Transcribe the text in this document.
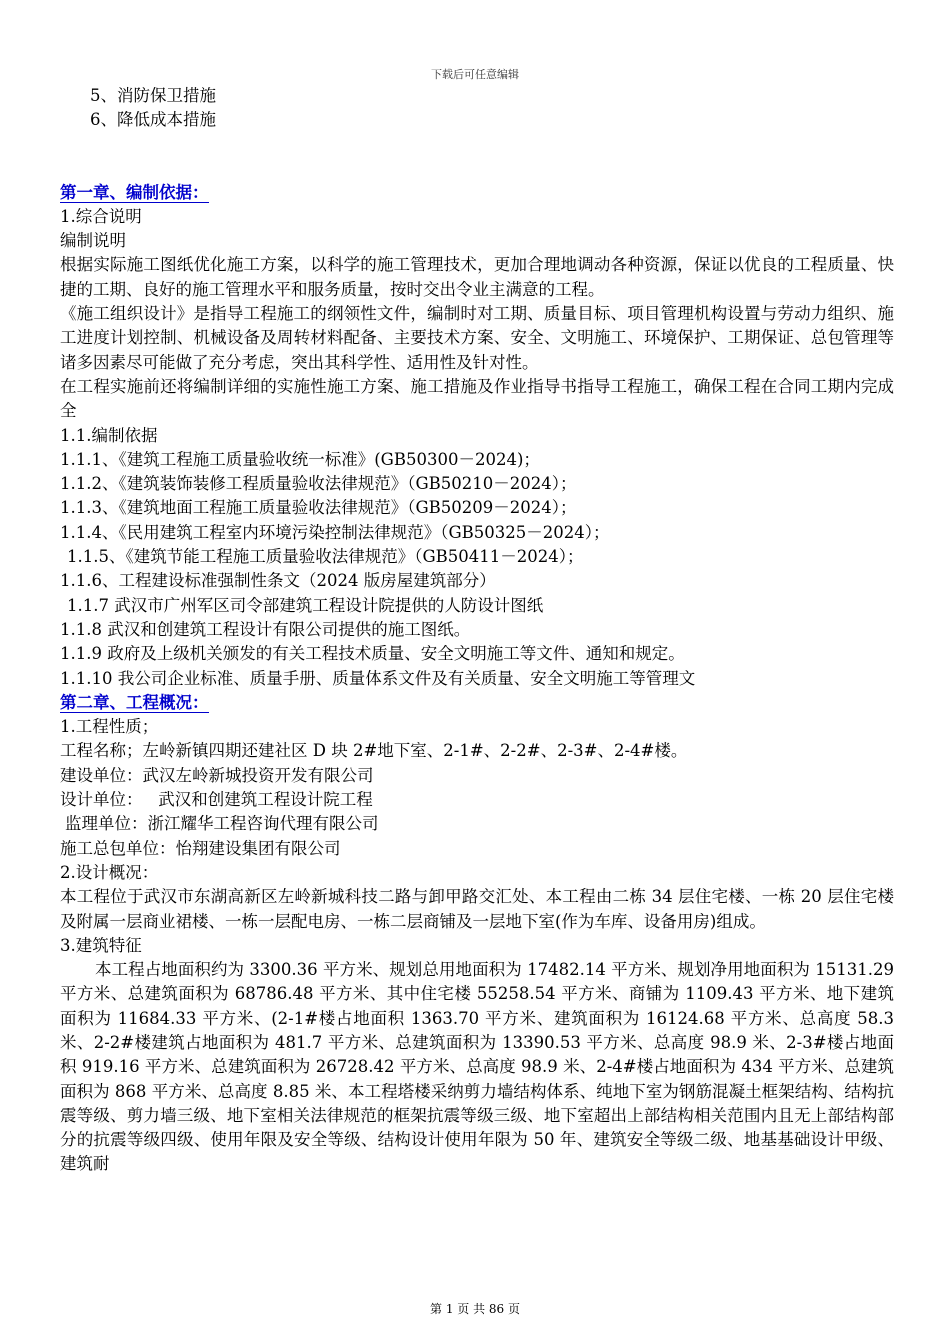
下载后可任意编辑
5、消防保卫措施
6、降低成本措施
第一章、编制依据：
1.综合说明
编制说明
根据实际施工图纸优化施工方案，以科学的施工管理技术，更加合理地调动各种资源，保证以优良的工程质量、快捷的工期、良好的施工管理水平和服务质量，按时交出令业主满意的工程。
《施工组织设计》是指导工程施工的纲领性文件，编制时对工期、质量目标、项目管理机构设置与劳动力组织、施工进度计划控制、机械设备及周转材料配备、主要技术方案、安全、文明施工、环境保护、工期保证、总包管理等诸多因素尽可能做了充分考虑，突出其科学性、适用性及针对性。
在工程实施前还将编制详细的实施性施工方案、施工措施及作业指导书指导工程施工，确保工程在合同工期内完成全
1.1.编制依据
1.1.1、《建筑工程施工质量验收统一标准》(GB50300－2024)；
1.1.2、《建筑装饰装修工程质量验收法律规范》（GB50210－2024）；
1.1.3、《建筑地面工程施工质量验收法律规范》（GB50209－2024）；
1.1.4、《民用建筑工程室内环境污染控制法律规范》（GB50325－2024）；
1.1.5、《建筑节能工程施工质量验收法律规范》（GB50411－2024）；
1.1.6、工程建设标准强制性条文（2024 版房屋建筑部分）
1.1.7 武汉市广州军区司令部建筑工程设计院提供的人防设计图纸
1.1.8 武汉和创建筑工程设计有限公司提供的施工图纸。
1.1.9 政府及上级机关颁发的有关工程技术质量、安全文明施工等文件、通知和规定。
1.1.10 我公司企业标准、质量手册、质量体系文件及有关质量、安全文明施工等管理文
第二章、工程概况：
1.工程性质；
工程名称；左岭新镇四期还建社区 D 块 2#地下室、2-1#、2-2#、2-3#、2-4#楼。
建设单位：武汉左岭新城投资开发有限公司
设计单位：   武汉和创建筑工程设计院工程
监理单位：浙江耀华工程咨询代理有限公司
施工总包单位：怡翔建设集团有限公司
2.设计概况：
本工程位于武汉市东湖高新区左岭新城科技二路与卸甲路交汇处、本工程由二栋 34 层住宅楼、一栋 20 层住宅楼及附属一层商业裙楼、一栋一层配电房、一栋二层商铺及一层地下室(作为车库、设备用房)组成。
3.建筑特征
本工程占地面积约为 3300.36 平方米、规划总用地面积为 17482.14 平方米、规划净用地面积为 15131.29 平方米、总建筑面积为 68786.48 平方米、其中住宅楼 55258.54 平方米、商铺为 1109.43 平方米、地下建筑面积为 11684.33 平方米、(2-1#楼占地面积 1363.70 平方米、建筑面积为 16124.68 平方米、总高度 58.3 米、2-2#楼建筑占地面积为 481.7 平方米、总建筑面积为 13390.53 平方米、总高度 98.9 米、2-3#楼占地面积 919.16 平方米、总建筑面积为 26728.42 平方米、总高度 98.9 米、2-4#楼占地面积为 434 平方米、总建筑面积为 868 平方米、总高度 8.85 米、本工程塔楼采纳剪力墙结构体系、纯地下室为钢筋混凝土框架结构、结构抗震等级、剪力墙三级、地下室相关法律规范的框架抗震等级三级、地下室超出上部结构相关范围内且无上部结构部分的抗震等级四级、使用年限及安全等级、结构设计使用年限为 50 年、建筑安全等级二级、地基基础设计甲级、建筑耐
第 1 页 共 86 页
